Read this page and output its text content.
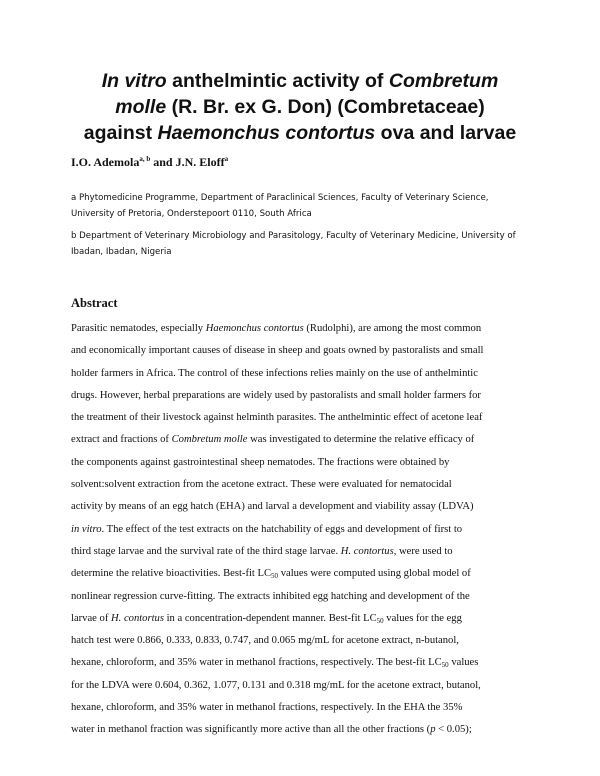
In vitro anthelmintic activity of Combretum
molle (R. Br. ex G. Don) (Combretaceae)
against Haemonchus contortus ova and larvae
I.O. Ademola$^{a, b}$ and J.N. Eloff$^a$
a Phytomedicine Programme, Department of Paraclinical Sciences, Faculty of Veterinary Science,
University of Pretoria, Onderstepoort 0110, South Africa
b Department of Veterinary Microbiology and Parasitology, Faculty of Veterinary Medicine, University of
Ibadan, Ibadan, Nigeria
Abstract
Parasitic nematodes, especially Haemonchus contortus (Rudolphi), are among the most common
and economically important causes of disease in sheep and goats owned by pastoralists and small
holder farmers in Africa. The control of these infections relies mainly on the use of anthelmintic
drugs. However, herbal preparations are widely used by pastoralists and small holder farmers for
the treatment of their livestock against helminth parasites. The anthelmintic effect of acetone leaf
extract and fractions of Combretum molle was investigated to determine the relative efficacy of
the components against gastrointestinal sheep nematodes. The fractions were obtained by
solvent:solvent extraction from the acetone extract. These were evaluated for nematocidal
activity by means of an egg hatch (EHA) and larval a development and viability assay (LDVA)
in vitro. The effect of the test extracts on the hatchability of eggs and development of first to
third stage larvae and the survival rate of the third stage larvae. H. contortus, were used to
determine the relative bioactivities. Best-fit $LC_{50}$ values were computed using global model of
nonlinear regression curve-fitting. The extracts inhibited egg hatching and development of the
larvae of H. contortus in a concentration-dependent manner. Best-fit $LC_{50}$ values for the egg
hatch test were 0.866, 0.333, 0.833, 0.747, and 0.065 mg/mL for acetone extract, n-butanol,
hexane, chloroform, and 35% water in methanol fractions, respectively. The best-fit $LC_{50}$ values
for the LDVA were 0.604, 0.362, 1.077, 0.131 and 0.318 mg/mL for the acetone extract, butanol,
hexane, chloroform, and 35% water in methanol fractions, respectively. In the EHA the 35%
water in methanol fraction was significantly more active than all the other fractions (p < 0.05);
